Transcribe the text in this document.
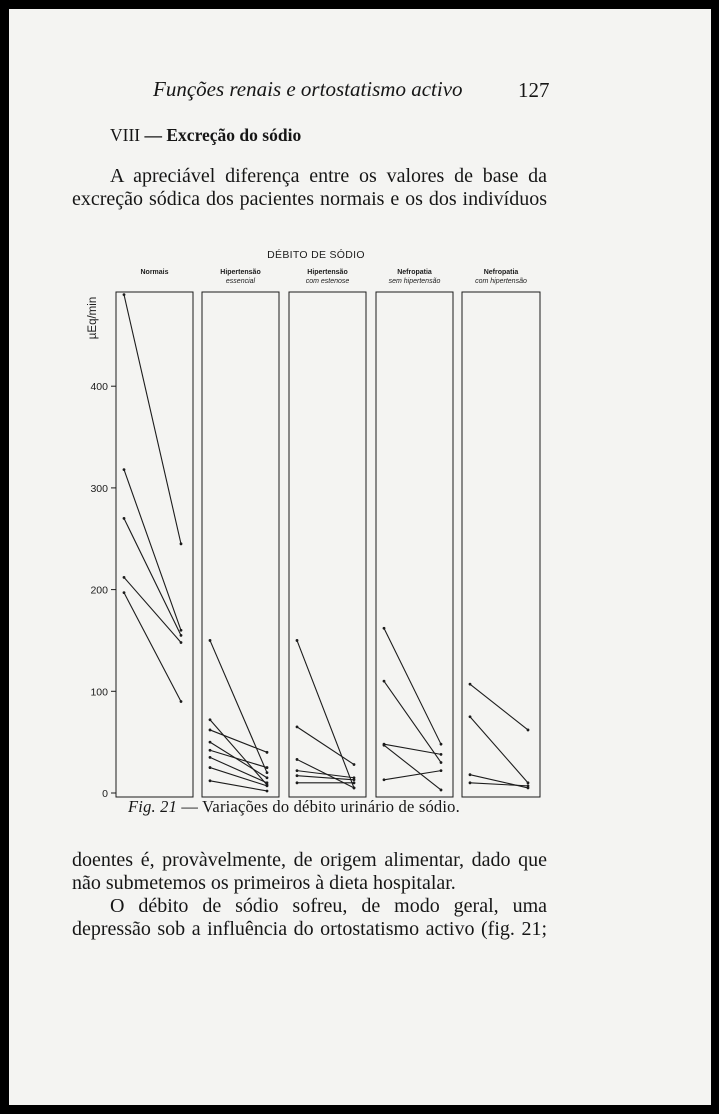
Funções renais e ortostatismo activo	127
VIII — Excreção do sódio

A apreciável diferença entre os valores de base da

excreção sódica dos pacientes normais e os dos indivíduos

DÉBITO DE SÓDIO
0
100
200
300
400
µEq/min
Normais	Hipertensão
essencial
Hipertensão
com estenose
Nefropatia
sem hipertensão
Nefropatia
com hipertensão
Fig. 21 — Variações do débito urinário de sódio.

doentes é, provàvelmente, de origem alimentar, dado que

não submetemos os primeiros à dieta hospitalar.

O débito de sódio sofreu, de modo geral, uma

depressão sob a influência do ortostatismo activo (fig. 21;
